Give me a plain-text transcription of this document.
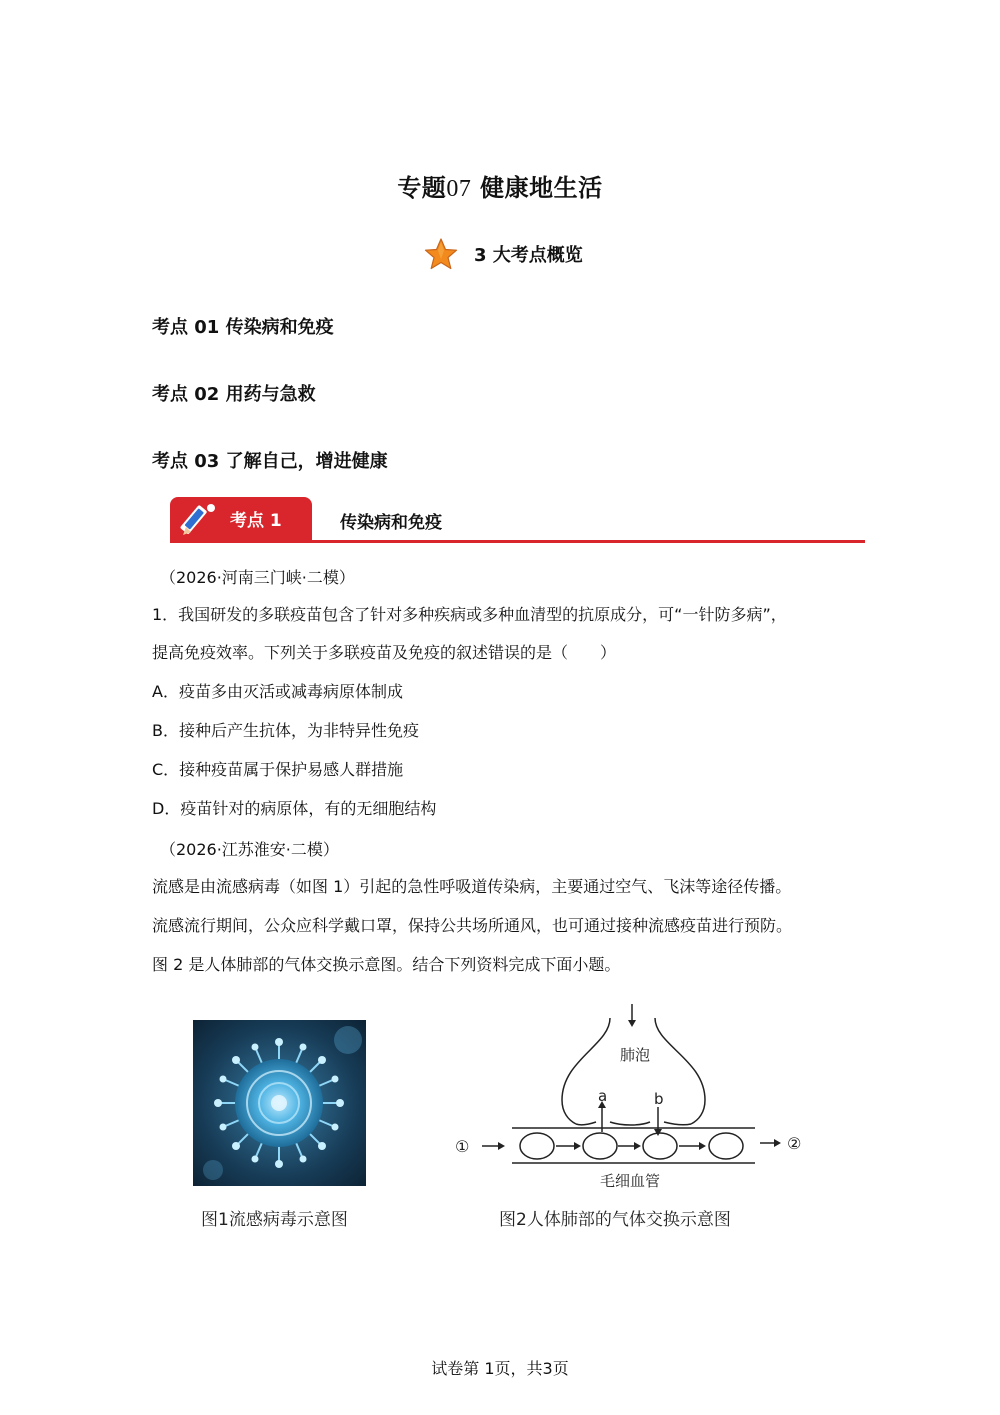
专题07 健康地生活
3 大考点概览
考点 01 传染病和免疫
考点 02 用药与急救
考点 03 了解自己，增进健康
考点 1	传染病和免疫
（2026·河南三门峡·二模）
1．我国研发的多联疫苗包含了针对多种疾病或多种血清型的抗原成分，可“一针防多病”，
提高免疫效率。下列关于多联疫苗及免疫的叙述错误的是（　　）
A．疫苗多由灭活或减毒病原体制成
B．接种后产生抗体，为非特异性免疫
C．接种疫苗属于保护易感人群措施
D．疫苗针对的病原体，有的无细胞结构
（2026·江苏淮安·二模）
流感是由流感病毒（如图 1）引起的急性呼吸道传染病，主要通过空气、飞沫等途径传播。
流感流行期间，公众应科学戴口罩，保持公共场所通风，也可通过接种流感疫苗进行预防。
图 2 是人体肺部的气体交换示意图。结合下列资料完成下面小题。
图1流感病毒示意图
肺泡
a	b
①	②
毛细血管
图2人体肺部的气体交换示意图
试卷第 1页，共3页
